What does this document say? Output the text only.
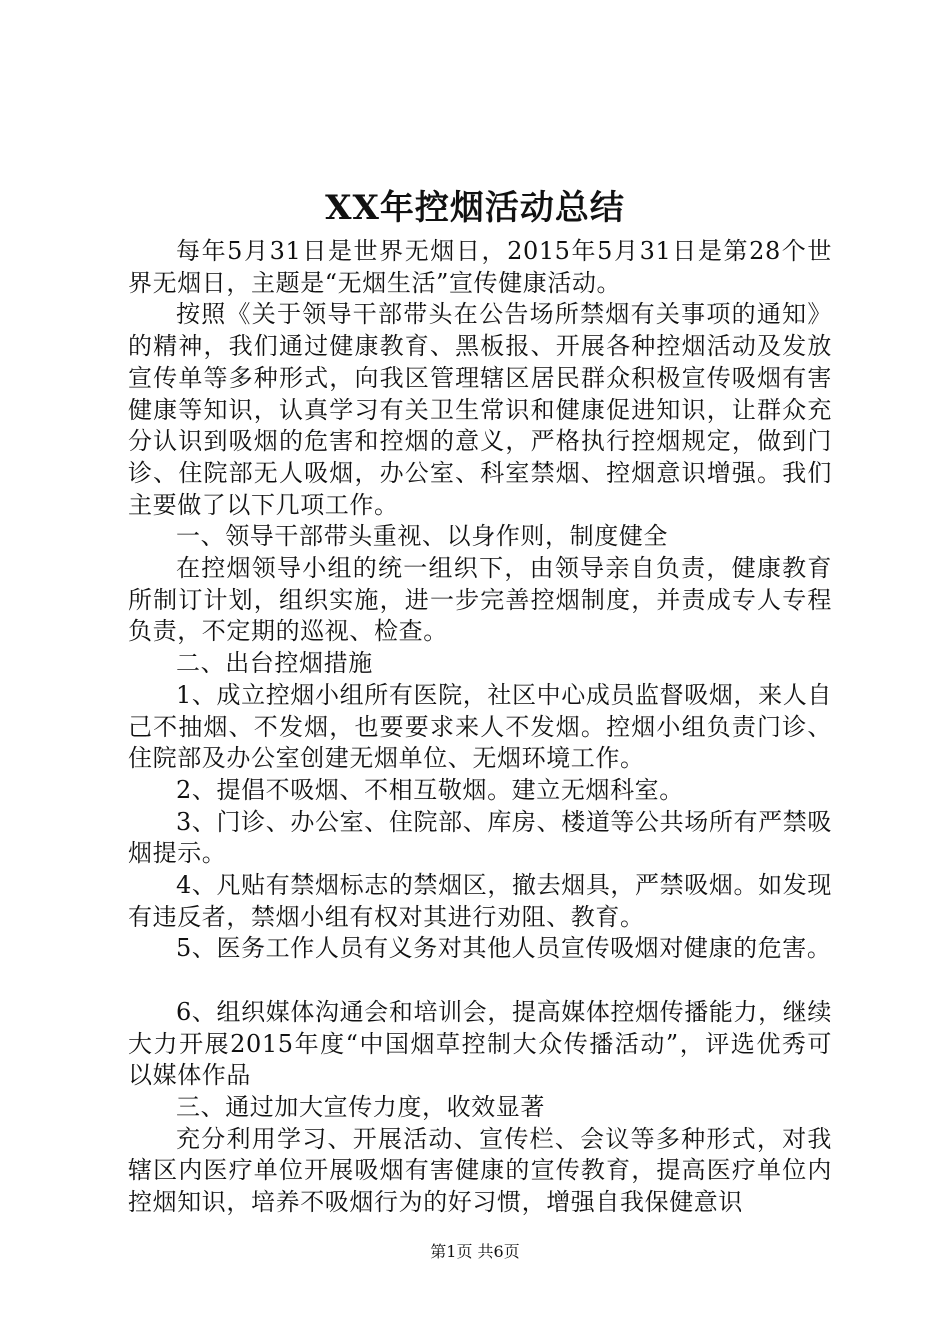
XX年控烟活动总结

每年5月31日是世界无烟日，2015年5月31日是第28个世界无烟日，主题是“无烟生活”宣传健康活动。

按照《关于领导干部带头在公告场所禁烟有关事项的通知》的精神，我们通过健康教育、黑板报、开展各种控烟活动及发放宣传单等多种形式，向我区管理辖区居民群众积极宣传吸烟有害健康等知识，认真学习有关卫生常识和健康促进知识，让群众充分认识到吸烟的危害和控烟的意义，严格执行控烟规定，做到门诊、住院部无人吸烟，办公室、科室禁烟、控烟意识增强。我们主要做了以下几项工作。

一、领导干部带头重视、以身作则，制度健全

在控烟领导小组的统一组织下，由领导亲自负责，健康教育所制订计划，组织实施，进一步完善控烟制度，并责成专人专程负责，不定期的巡视、检查。

二、出台控烟措施

1、成立控烟小组所有医院，社区中心成员监督吸烟，来人自己不抽烟、不发烟，也要要求来人不发烟。控烟小组负责门诊、住院部及办公室创建无烟单位、无烟环境工作。

2、提倡不吸烟、不相互敬烟。建立无烟科室。

3、门诊、办公室、住院部、库房、楼道等公共场所有严禁吸烟提示。

4、凡贴有禁烟标志的禁烟区，撤去烟具，严禁吸烟。如发现有违反者，禁烟小组有权对其进行劝阻、教育。

5、医务工作人员有义务对其他人员宣传吸烟对健康的危害。

6、组织媒体沟通会和培训会，提高媒体控烟传播能力，继续大力开展2015年度“中国烟草控制大众传播活动”，评选优秀可以媒体作品

三、通过加大宣传力度，收效显著

充分利用学习、开展活动、宣传栏、会议等多种形式，对我辖区内医疗单位开展吸烟有害健康的宣传教育，提高医疗单位内控烟知识，培养不吸烟行为的好习惯，增强自我保健意识

第1页 共6页
